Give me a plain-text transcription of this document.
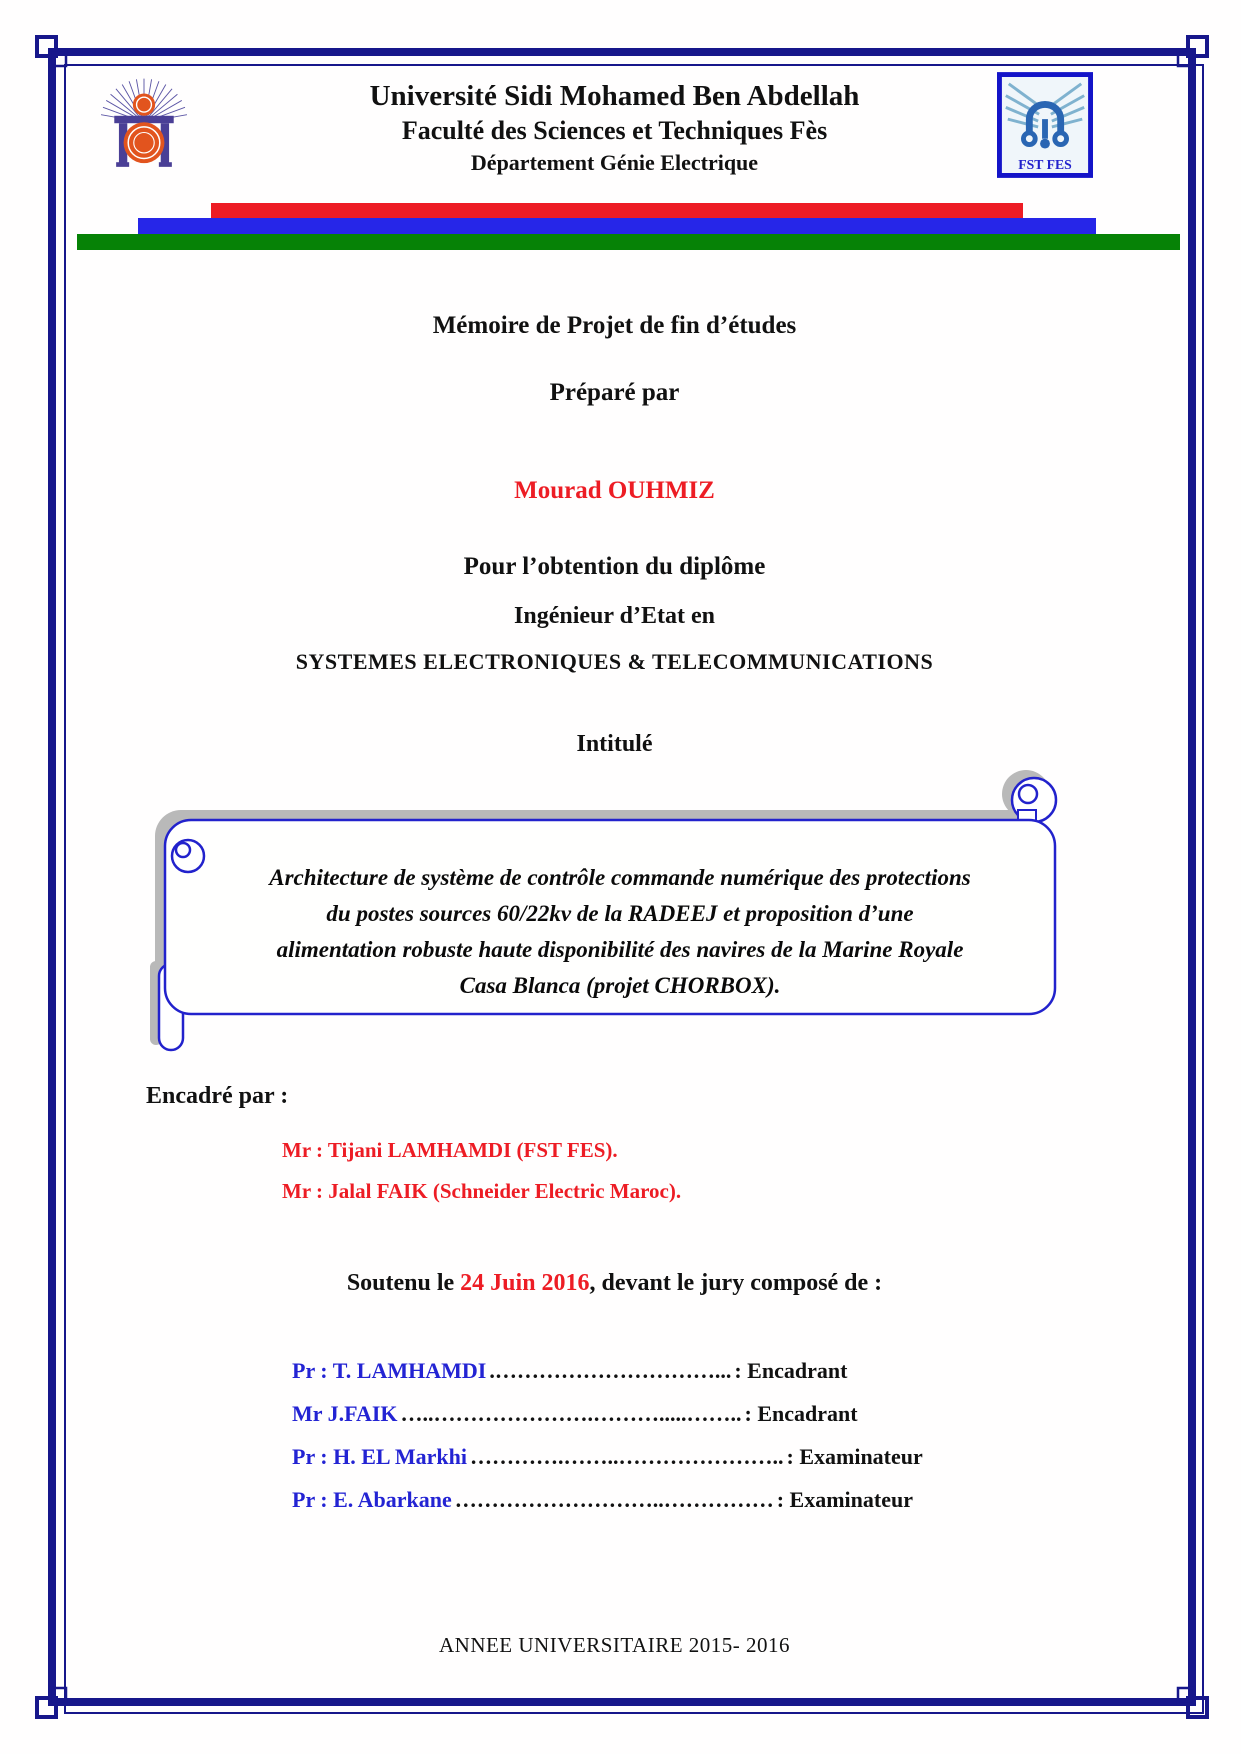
Université Sidi Mohamed Ben Abdellah
Faculté des Sciences et Techniques Fès
Département Génie Electrique	FST FES
Mémoire de Projet de fin d’études
Préparé par
Mourad OUHMIZ
Pour l’obtention du diplôme
Ingénieur d’Etat en
SYSTEMES ELECTRONIQUES & TELECOMMUNICATIONS
Intitulé
Architecture de système de contrôle commande numérique des protections du postes sources 60/22kv de la RADEEJ et proposition d’une alimentation robuste haute disponibilité des navires de la Marine Royale Casa Blanca (projet CHORBOX).
Encadré par :
Mr : Tijani LAMHAMDI (FST FES).
Mr : Jalal FAIK (Schneider Electric Maroc).
Soutenu le 24 Juin 2016, devant le jury composé de :
Pr : T. LAMHAMDI .…………………………... : Encadrant
Mr J.FAIK …..………………….……….....…….. : Encadrant
Pr : H. EL Markhi ………….……..………………….. : Examinateur
Pr : E. Abarkane ………………………..…………… : Examinateur
ANNEE UNIVERSITAIRE 2015- 2016
